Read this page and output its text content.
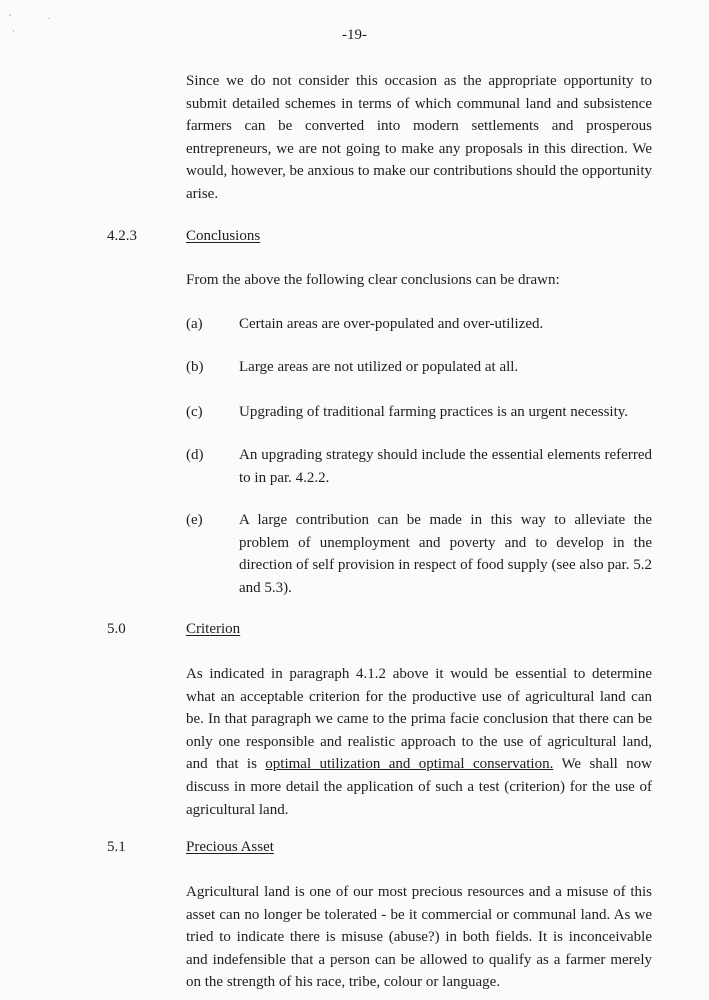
-19-

Since we do not consider this occasion as the appropriate opportunity to submit detailed schemes in terms of which communal land and subsistence farmers can be converted into modern settlements and prosperous entrepreneurs, we are not going to make any proposals in this direction. We would, however, be anxious to make our contributions should the opportunity arise.

4.2.3	Conclusions

From the above the following clear conclusions can be drawn:

(a) Certain areas are over-populated and over-utilized.
(b) Large areas are not utilized or populated at all.
(c) Upgrading of traditional farming practices is an urgent necessity.
(d) An upgrading strategy should include the essential elements referred to in par. 4.2.2.
(e) A large contribution can be made in this way to alleviate the problem of unemployment and poverty and to develop in the direction of self provision in respect of food supply (see also par. 5.2 and 5.3).
5.0	Criterion

As indicated in paragraph 4.1.2 above it would be essential to determine what an acceptable criterion for the productive use of agricultural land can be. In that paragraph we came to the prima facie conclusion that there can be only one responsible and realistic approach to the use of agricultural land, and that is optimal utilization and optimal conservation. We shall now discuss in more detail the application of such a test (criterion) for the use of agricultural land.

5.1	Precious Asset

Agricultural land is one of our most precious resources and a misuse of this asset can no longer be tolerated - be it commercial or communal land. As we tried to indicate there is misuse (abuse?) in both fields. It is inconceivable and indefensible that a person can be allowed to qualify as a farmer merely on the strength of his race, tribe, colour or language.
